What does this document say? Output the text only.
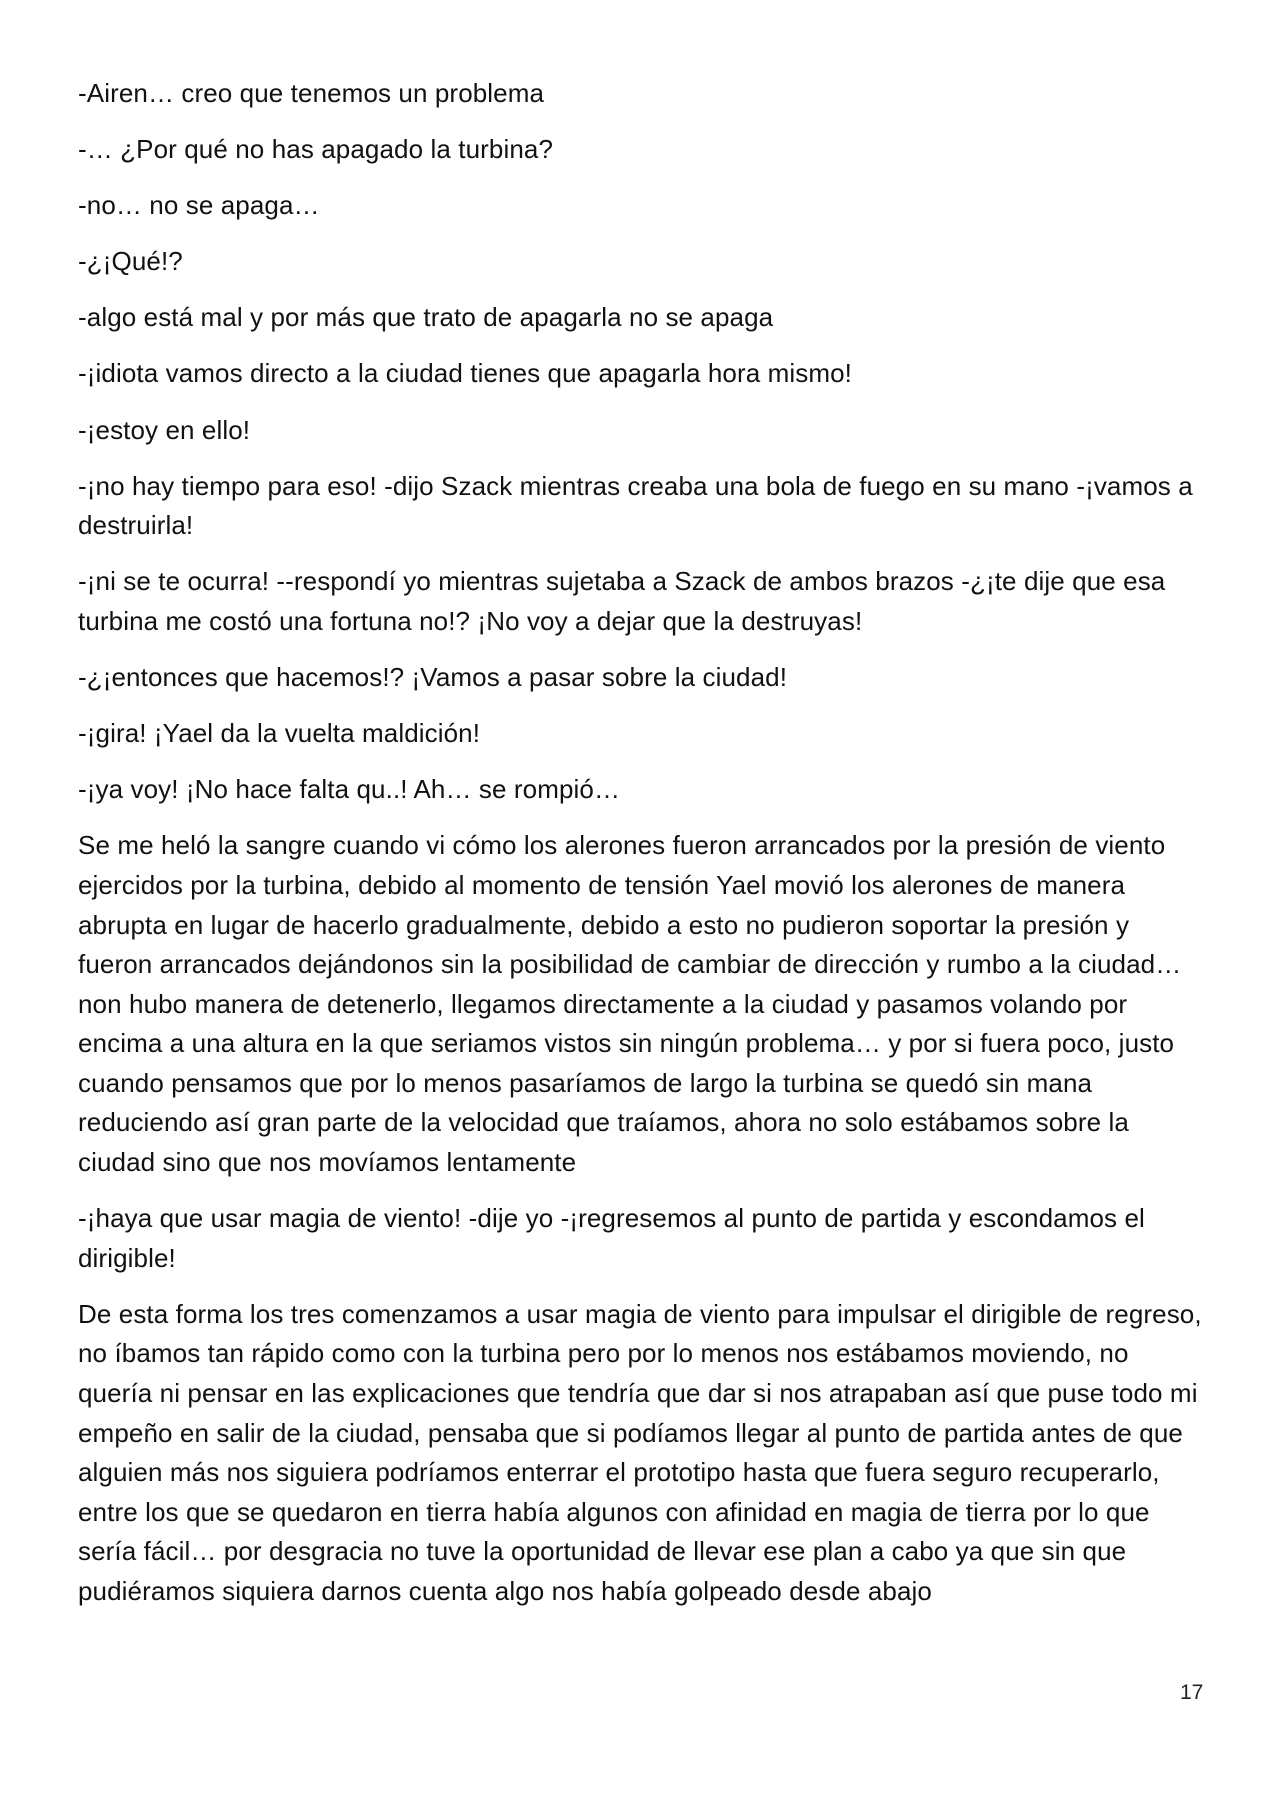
-Airen… creo que tenemos un problema

-… ¿Por qué no has apagado la turbina?

-no… no se apaga…

-¿¡Qué!?

-algo está mal y por más que trato de apagarla no se apaga

-¡idiota vamos directo a la ciudad tienes que apagarla hora mismo!

-¡estoy en ello!

-¡no hay tiempo para eso! -dijo Szack mientras creaba una bola de fuego en su mano -¡vamos a destruirla!

-¡ni se te ocurra! --respondí yo mientras sujetaba a Szack de ambos brazos -¿¡te dije que esa turbina me costó una fortuna no!? ¡No voy a dejar que la destruyas!

-¿¡entonces que hacemos!? ¡Vamos a pasar sobre la ciudad!

-¡gira! ¡Yael da la vuelta maldición!

-¡ya voy! ¡No hace falta qu..! Ah… se rompió…

Se me heló la sangre cuando vi cómo los alerones fueron arrancados por la presión de viento ejercidos por la turbina, debido al momento de tensión Yael movió los alerones de manera abrupta en lugar de hacerlo gradualmente, debido a esto no pudieron soportar la presión y fueron arrancados dejándonos sin la posibilidad de cambiar de dirección y rumbo a la ciudad… non hubo manera de detenerlo, llegamos directamente a la ciudad y pasamos volando por encima a una altura en la que seriamos vistos sin ningún problema… y por si fuera poco, justo cuando pensamos que por lo menos pasaríamos de largo la turbina se quedó sin mana reduciendo así gran parte de la velocidad que traíamos, ahora no solo estábamos sobre la ciudad sino que nos movíamos lentamente

-¡haya que usar magia de viento! -dije yo -¡regresemos al punto de partida y escondamos el dirigible!

De esta forma los tres comenzamos a usar magia de viento para impulsar el dirigible de regreso, no íbamos tan rápido como con la turbina pero por lo menos nos estábamos moviendo, no quería ni pensar en las explicaciones que tendría que dar si nos atrapaban así que puse todo mi empeño en salir de la ciudad, pensaba que si podíamos llegar al punto de partida antes de que alguien más nos siguiera podríamos enterrar el prototipo hasta que fuera seguro recuperarlo, entre los que se quedaron en tierra había algunos con afinidad en magia de tierra por lo que sería fácil… por desgracia no tuve la oportunidad de llevar ese plan a cabo ya que sin que pudiéramos siquiera darnos cuenta algo nos había golpeado desde abajo

17
